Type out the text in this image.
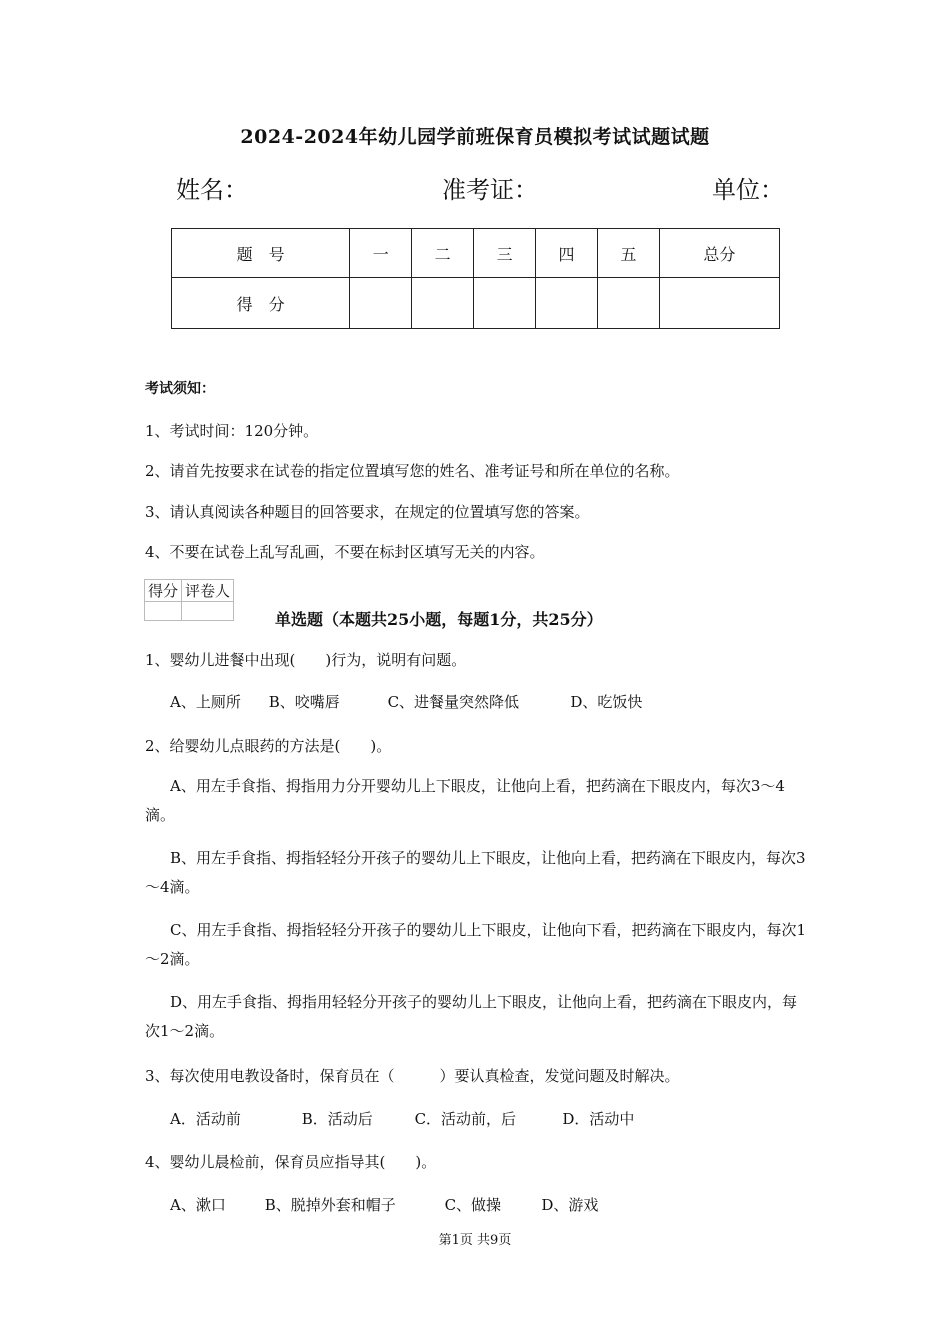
2024-2024年幼儿园学前班保育员模拟考试试题试题
姓名：	准考证：	单位：
题　号	一	二	三	四	五	总分
得　分						
考试须知：
1、考试时间：120分钟。
2、请首先按要求在试卷的指定位置填写您的姓名、准考证号和所在单位的名称。
3、请认真阅读各种题目的回答要求，在规定的位置填写您的答案。
4、不要在试卷上乱写乱画，不要在标封区填写无关的内容。
得分	评卷人

单选题（本题共25小题，每题1分，共25分）
1、婴幼儿进餐中出现(　　)行为，说明有问题。
A、上厕所 B、咬嘴唇	C、进餐量突然降低	D、吃饭快
2、给婴幼儿点眼药的方法是(　　)。
A、用左手食指、拇指用力分开婴幼儿上下眼皮，让他向上看，把药滴在下眼皮内，每次3～4滴。
B、用左手食指、拇指轻轻分开孩子的婴幼儿上下眼皮，让他向上看，把药滴在下眼皮内，每次3～4滴。
C、用左手食指、拇指轻轻分开孩子的婴幼儿上下眼皮，让他向下看，把药滴在下眼皮内，每次1～2滴。
D、用左手食指、拇指用轻轻分开孩子的婴幼儿上下眼皮，让他向上看，把药滴在下眼皮内，每次1～2滴。
3、每次使用电教设备时，保育员在（　　　）要认真检查，发觉问题及时解决。
A．活动前	B．活动后	C．活动前，后	D．活动中
4、婴幼儿晨检前，保育员应指导其(　　)。
A、漱口	B、脱掉外套和帽子	C、做操	D、游戏
第1页 共9页
